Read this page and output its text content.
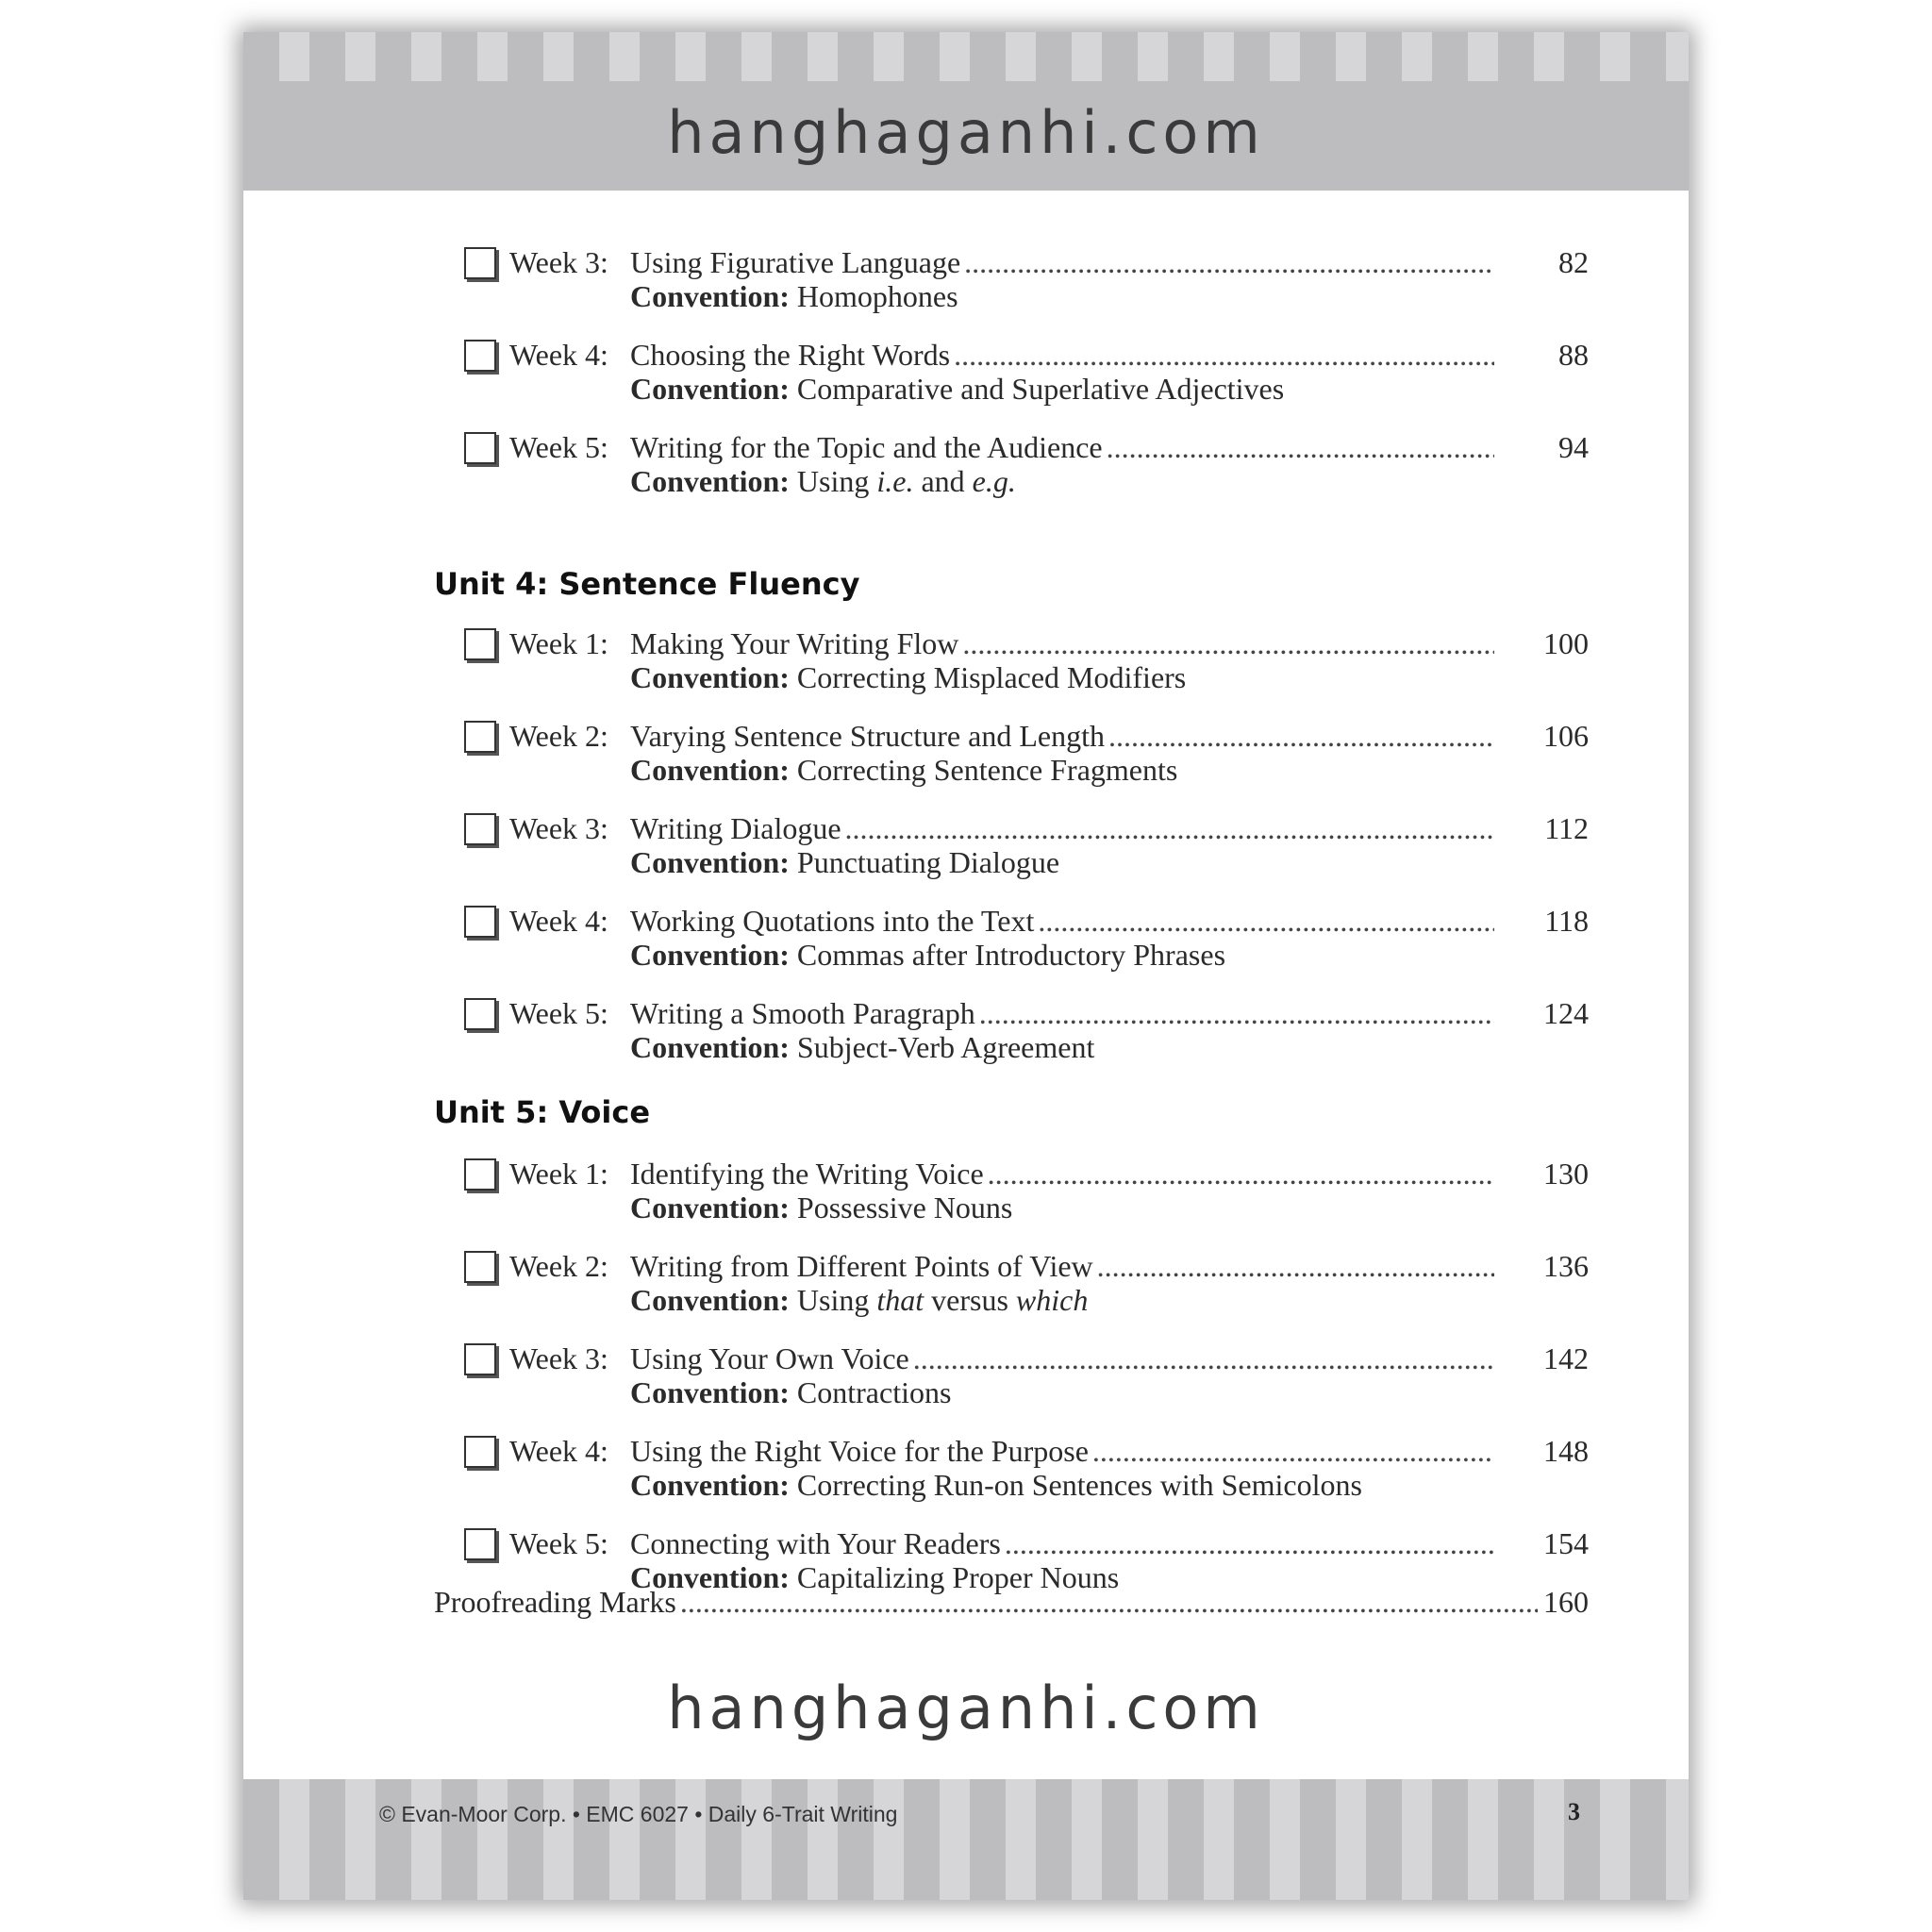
hanghaganhi.com
Week 3: Using Figurative Language .....	82
Convention: Homophones
Week 4: Choosing the Right Words .....	88
Convention: Comparative and Superlative Adjectives
Week 5: Writing for the Topic and the Audience .....	94
Convention: Using i.e. and e.g.
Unit 4: Sentence Fluency
Week 1: Making Your Writing Flow .....	100
Convention: Correcting Misplaced Modifiers
Week 2: Varying Sentence Structure and Length .....	106
Convention: Correcting Sentence Fragments
Week 3: Writing Dialogue .....	112
Convention: Punctuating Dialogue
Week 4: Working Quotations into the Text .....	118
Convention: Commas after Introductory Phrases
Week 5: Writing a Smooth Paragraph .....	124
Convention: Subject-Verb Agreement
Unit 5: Voice
Week 1: Identifying the Writing Voice .....	130
Convention: Possessive Nouns
Week 2: Writing from Different Points of View .....	136
Convention: Using that versus which
Week 3: Using Your Own Voice .....	142
Convention: Contractions
Week 4: Using the Right Voice for the Purpose .....	148
Convention: Correcting Run-on Sentences with Semicolons
Week 5: Connecting with Your Readers .....	154
Convention: Capitalizing Proper Nouns
Proofreading Marks .....	160
hanghaganhi.com
© Evan-Moor Corp. • EMC 6027 • Daily 6-Trait Writing	3
